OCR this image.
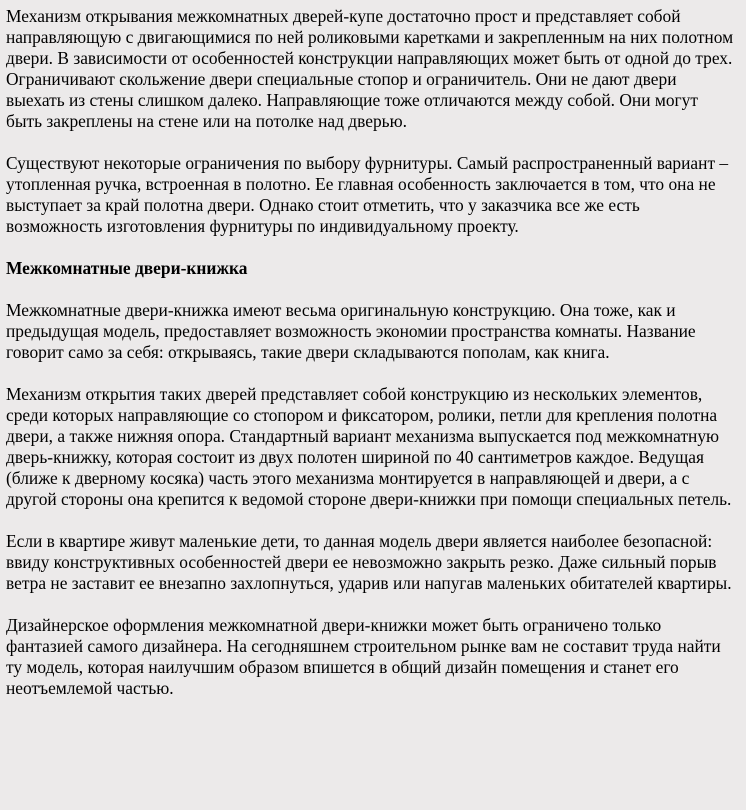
Механизм открывания межкомнатных дверей-купе достаточно прост и представляет собой направляющую с двигающимися по ней роликовыми каретками и закрепленным на них полотном двери. В зависимости от особенностей конструкции направляющих может быть от одной до трех. Ограничивают скольжение двери специальные стопор и ограничитель. Они не дают двери выехать из стены слишком далеко. Направляющие тоже отличаются между собой. Они могут быть закреплены на стене или на потолке над дверью.

Существуют некоторые ограничения по выбору фурнитуры. Самый распространенный вариант – утопленная ручка, встроенная в полотно. Ее главная особенность заключается в том, что она не выступает за край полотна двери. Однако стоит отметить, что у заказчика все же есть возможность изготовления фурнитуры по индивидуальному проекту.

Межкомнатные двери-книжка

Межкомнатные двери-книжка имеют весьма оригинальную конструкцию. Она тоже, как и предыдущая модель, предоставляет возможность экономии пространства комнаты. Название говорит само за себя: открываясь, такие двери складываются пополам, как книга.

Механизм открытия таких дверей представляет собой конструкцию из нескольких элементов, среди которых направляющие со стопором и фиксатором, ролики, петли для крепления полотна двери, а также нижняя опора. Стандартный вариант механизма выпускается под межкомнатную дверь-книжку, которая состоит из двух полотен шириной по 40 сантиметров каждое. Ведущая (ближе к дверному косяка) часть этого механизма монтируется в направляющей и двери, а с другой стороны она крепится к ведомой стороне двери-книжки при помощи специальных петель.

Если в квартире живут маленькие дети, то данная модель двери является наиболее безопасной: ввиду конструктивных особенностей двери ее невозможно закрыть резко. Даже сильный порыв ветра не заставит ее внезапно захлопнуться, ударив или напугав маленьких обитателей квартиры.

Дизайнерское оформления межкомнатной двери-книжки может быть ограничено только фантазией самого дизайнера. На сегодняшнем строительном рынке вам не составит труда найти ту модель, которая наилучшим образом впишется в общий дизайн помещения и станет его неотъемлемой частью.
